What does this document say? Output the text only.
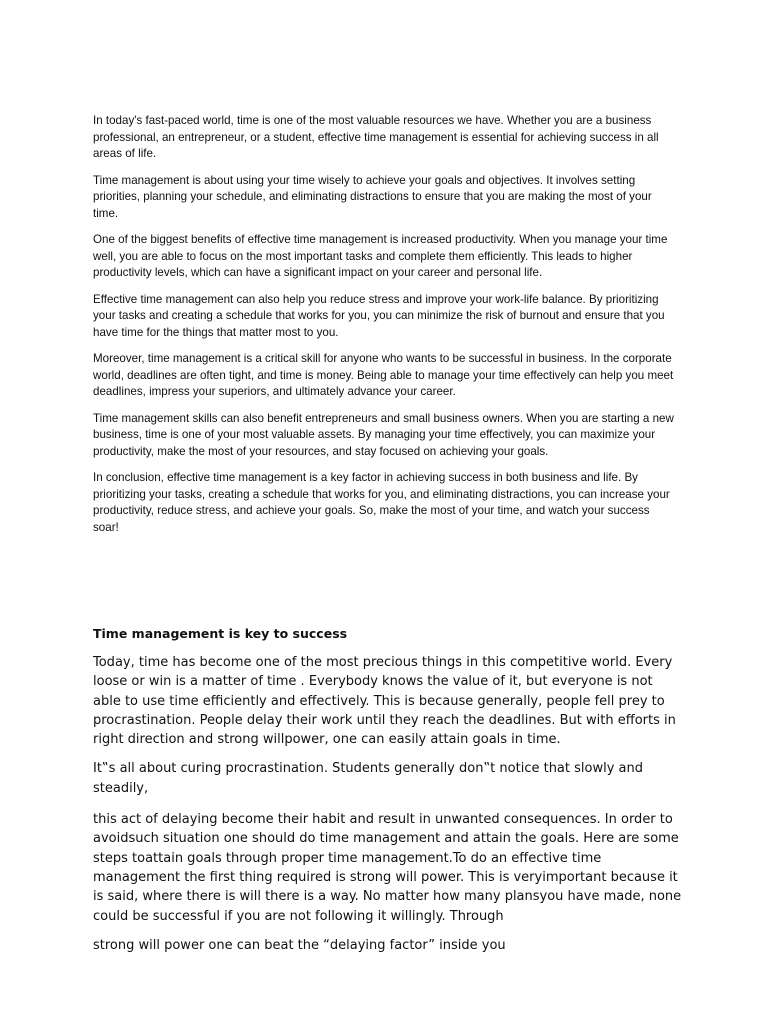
In today's fast-paced world, time is one of the most valuable resources we have. Whether you are a business professional, an entrepreneur, or a student, effective time management is essential for achieving success in all areas of life.

Time management is about using your time wisely to achieve your goals and objectives. It involves setting priorities, planning your schedule, and eliminating distractions to ensure that you are making the most of your time.

One of the biggest benefits of effective time management is increased productivity. When you manage your time well, you are able to focus on the most important tasks and complete them efficiently. This leads to higher productivity levels, which can have a significant impact on your career and personal life.

Effective time management can also help you reduce stress and improve your work-life balance. By prioritizing your tasks and creating a schedule that works for you, you can minimize the risk of burnout and ensure that you have time for the things that matter most to you.

Moreover, time management is a critical skill for anyone who wants to be successful in business. In the corporate world, deadlines are often tight, and time is money. Being able to manage your time effectively can help you meet deadlines, impress your superiors, and ultimately advance your career.

Time management skills can also benefit entrepreneurs and small business owners. When you are starting a new business, time is one of your most valuable assets. By managing your time effectively, you can maximize your productivity, make the most of your resources, and stay focused on achieving your goals.

In conclusion, effective time management is a key factor in achieving success in both business and life. By prioritizing your tasks, creating a schedule that works for you, and eliminating distractions, you can increase your productivity, reduce stress, and achieve your goals. So, make the most of your time, and watch your success soar!

Time management is key to success

Today, time has become one of the most precious things in this competitive world. Every loose or win is a matter of time . Everybody knows the value of it, but everyone is not able to use time efficiently and effectively. This is because generally, people fell prey to procrastination. People delay their work until they reach the deadlines. But with efforts in right direction and strong willpower, one can easily attain goals in time.

It‟s all about curing procrastination. Students generally don‟t notice that slowly and steadily,

this act of delaying become their habit and result in unwanted consequences. In order to avoidsuch situation one should do time management and attain the goals. Here are some steps toattain goals through proper time management.To do an effective time management the first thing required is strong will power. This is veryimportant because it is said, where there is will there is a way. No matter how many plansyou have made, none could be successful if you are not following it willingly. Through

strong will power one can beat the “delaying factor” inside you
